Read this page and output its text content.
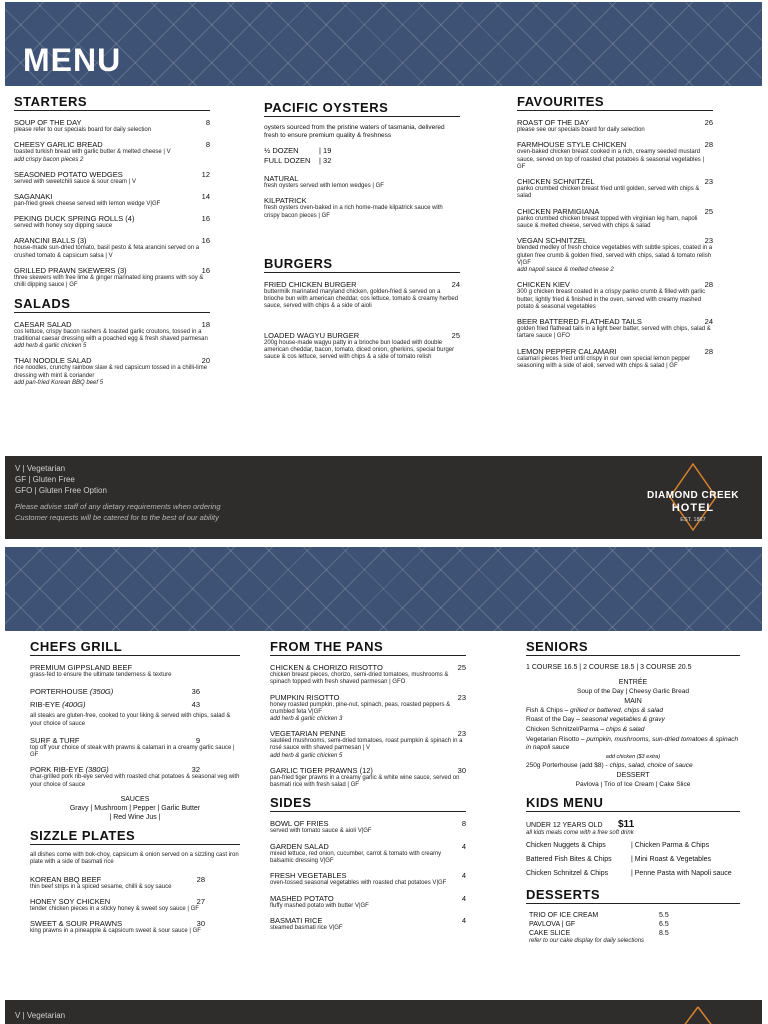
MENU
STARTERS
SOUP OF THE DAY	8
please refer to our specials board for daily selection
CHEESY GARLIC BREAD	8
toasted turkish bread with garlic butter & melted cheese | V
add crispy bacon pieces 2
SEASONED POTATO WEDGES	12
served with sweetchili sauce & sour cream | V
SAGANAKI	14
pan-fried greek cheese served with lemon wedge V|GF
PEKING DUCK SPRING ROLLS (4)	16
served with honey soy dipping sauce
ARANCINI BALLS (3)	16
house-made sun-dried tomato, basil pesto & feta arancini served on a crushed tomato & capsicum salsa | V
GRILLED PRAWN SKEWERS (3)	16
three skewers with free lime & ginger marinated king prawns with soy & chilli dipping sauce | GF
SALADS
CAESAR SALAD	18
cos lettuce, crispy bacon rashers & toasted garlic croutons, tossed in a traditional caesar dressing with a poached egg & fresh shaved parmesan
add herb & garlic chicken 5
THAI NOODLE SALAD	20
rice noodles, crunchy rainbow slaw & red capsicum tossed in a chilli-lime dressing with mint & coriander
add pan-fried Korean BBQ beef 5
PACIFIC OYSTERS
oysters sourced from the pristine waters of tasmania, delivered fresh to ensure premium quality & freshness
½ DOZEN	| 19
FULL DOZEN	| 32
NATURAL
fresh oysters served with lemon wedges | GF
KILPATRICK
fresh oysters oven-baked in a rich home-made kilpatrick sauce with crispy bacon pieces | GF
BURGERS
FRIED CHICKEN BURGER	24
buttermilk marinated maryland chicken, golden-fried & served on a brioche bun with american cheddar, cos lettuce, tomato & creamy herbed sauce, served with chips & a side of aioli
LOADED WAGYU BURGER	25
200g house-made wagyu patty in a brioche bun loaded with double american cheddar, bacon, tomato, diced onion, gherkins, special burger sauce & cos lettuce, served with chips & a side of tomato relish
FAVOURITES
ROAST OF THE DAY	26
please see our specials board for daily selection
FARMHOUSE STYLE CHICKEN	28
oven-baked chicken breast cooked in a rich, creamy seeded mustard sauce, served on top of roasted chat potatoes & seasonal vegetables | GF
CHICKEN SCHNITZEL	23
panko crumbed chicken breast fried until golden, served with chips & salad
CHICKEN PARMIGIANA	25
panko crumbed chicken breast topped with virginian leg ham, napoli sauce & melted cheese, served with chips & salad
VEGAN SCHNITZEL	23
blended medley of fresh choice vegetables with subtle spices, coated in a gluten free crumb & golden fried, served with chips, salad & tomato relish V|GF
add napoli sauce & melted cheese 2
CHICKEN KIEV	28
300 g chicken breast coated in a crispy panko crumb & filled with garlic butter, lightly fried & finished in the oven, served with creamy mashed potato & seasonal vegetables
BEER BATTERED FLATHEAD TAILS	24
golden fried flathead tails in a light beer batter, served with chips, salad & tartare sauce | GFO
LEMON PEPPER CALAMARI	28
calamari pieces fried until crispy in our own special lemon pepper seasoning with a side of aioli, served with chips & salad | GF
V | Vegetarian
GF | Gluten Free
GFO | Gluten Free Option
Please advise staff of any dietary requirements when ordering
Customer requests will be catered for to the best of our ability
DIAMOND CREEK
HOTEL
EST. 1867
CHEFS GRILL
PREMIUM GIPPSLAND BEEF
grass-fed to ensure the ultimate tenderness & texture
PORTERHOUSE (350G)	36
RIB-EYE (400G)	43
all steaks are gluten-free, cooked to your liking & served with chips, salad & your choice of sauce
SURF & TURF	9
top off your choice of steak with prawns & calamari in a creamy garlic sauce | GF
PORK RIB-EYE (380G)	32
char-grilled pork rib-eye served with roasted chat potatoes & seasonal veg with your choice of sauce
SAUCES
Gravy | Mushroom | Pepper | Garlic Butter
| Red Wine Jus |
SIZZLE PLATES
all dishes come with bok-choy, capsicum & onion served on a sizzling cast iron plate with a side of basmati rice
KOREAN BBQ BEEF	28
thin beef strips in a spiced sesame, chilli & soy sauce
HONEY SOY CHICKEN	27
tender chicken pieces in a sticky honey & sweet soy sauce | GF
SWEET & SOUR PRAWNS	30
king prawns in a pineapple & capsicum sweet & sour sauce | GF
FROM THE PANS
CHICKEN & CHORIZO RISOTTO	25
chicken breast pieces, chorizo, semi-dried tomatoes, mushrooms & spinach topped with fresh shaved parmesan | GFO
PUMPKIN RISOTTO	23
honey roasted pumpkin, pine-nut, spinach, peas, roasted peppers & crumbled feta V|GF
add herb & garlic chicken 3
VEGETARIAN PENNE	23
sautéed mushrooms, semi-dried tomatoes, roast pumpkin & spinach in a rosé sauce with shaved parmesan | V
add herb & garlic chicken 5
GARLIC TIGER PRAWNS (12)	30
pan-fried tiger prawns in a creamy garlic & white wine sauce, served on basmati rice with fresh salad | GF
SIDES
BOWL OF FRIES	8
served with tomato sauce & aioli V|GF
GARDEN SALAD	4
mixed lettuce, red onion, cucumber, carrot & tomato with creamy balsamic dressing V|GF
FRESH VEGETABLES	4
oven-tossed seasonal vegetables with roasted chat potatoes V|GF
MASHED POTATO	4
fluffy mashed potato with butter V|GF
BASMATI RICE	4
steamed basmati rice V|GF
SENIORS
1 COURSE 16.5 | 2 COURSE 18.5 | 3 COURSE 20.5
ENTRÉE
Soup of the Day | Cheesy Garlic Bread
MAIN
Fish & Chips – grilled or battered, chips & salad
Roast of the Day – seasonal vegetables & gravy
Chicken Schnitzel/Parma – chips & salad
Vegetarian Risotto – pumpkin, mushrooms, sun-dried tomatoes & spinach in napoli sauce
add chicken ($3 extra)
250g Porterhouse (add $8) - chips, salad, choice of sauce
DESSERT
Pavlova | Trio of Ice Cream | Cake Slice
KIDS MENU
UNDER 12 YEARS OLD	$11
all kids meals come with a free soft drink
Chicken Nuggets & Chips	| Chicken Parma & Chips
Battered Fish Bites & Chips	| Mini Roast & Vegetables
Chicken Schnitzel & Chips	| Penne Pasta with Napoli sauce
DESSERTS
TRIO OF ICE CREAM	5.5
PAVLOVA | GF	6.5
CAKE SLICE	8.5
refer to our cake display for daily selections
V | Vegetarian
